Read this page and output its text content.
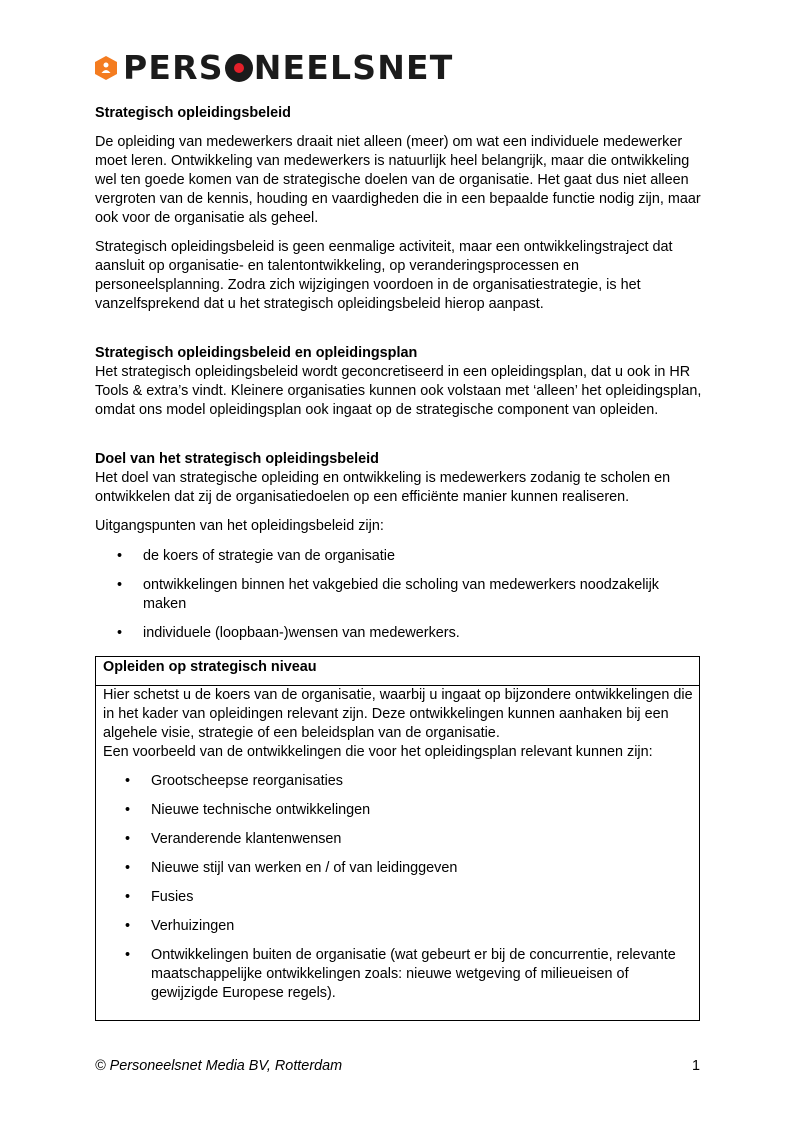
PERS NEELSNET
Strategisch opleidingsbeleid

De opleiding van medewerkers draait niet alleen (meer) om wat een individuele medewerker moet leren. Ontwikkeling van medewerkers is natuurlijk heel belangrijk, maar die ontwikkeling wel ten goede komen van de strategische doelen van de organisatie. Het gaat dus niet alleen vergroten van de kennis, houding en vaardigheden die in een bepaalde functie nodig zijn, maar ook voor de organisatie als geheel.

Strategisch opleidingsbeleid is geen eenmalige activiteit, maar een ontwikkelingstraject dat aansluit op organisatie- en talentontwikkeling, op veranderingsprocessen en personeelsplanning. Zodra zich wijzigingen voordoen in de organisatiestrategie, is het vanzelfsprekend dat u het strategisch opleidingsbeleid hierop aanpast.

Strategisch opleidingsbeleid en opleidingsplan

Het strategisch opleidingsbeleid wordt geconcretiseerd in een opleidingsplan, dat u ook in HR Tools & extra’s vindt. Kleinere organisaties kunnen ook volstaan met ‘alleen’ het opleidingsplan, omdat ons model opleidingsplan ook ingaat op de strategische component van opleiden.

Doel van het strategisch opleidingsbeleid

Het doel van strategische opleiding en ontwikkeling is medewerkers zodanig te scholen en ontwikkelen dat zij de organisatiedoelen op een efficiënte manier kunnen realiseren.

Uitgangspunten van het opleidingsbeleid zijn:

• de koers of strategie van de organisatie
• ontwikkelingen binnen het vakgebied die scholing van medewerkers noodzakelijk maken
• individuele (loopbaan-)wensen van medewerkers.
Opleiden op strategisch niveau

Hier schetst u de koers van de organisatie, waarbij u ingaat op bijzondere ontwikkelingen die in het kader van opleidingen relevant zijn. Deze ontwikkelingen kunnen aanhaken bij een algehele visie, strategie of een beleidsplan van de organisatie.

Een voorbeeld van de ontwikkelingen die voor het opleidingsplan relevant kunnen zijn:

• Grootscheepse reorganisaties
• Nieuwe technische ontwikkelingen
• Veranderende klantenwensen
• Nieuwe stijl van werken en / of van leidinggeven
• Fusies
• Verhuizingen
• Ontwikkelingen buiten de organisatie (wat gebeurt er bij de concurrentie, relevante maatschappelijke ontwikkelingen zoals: nieuwe wetgeving of milieueisen of gewijzigde Europese regels).
© Personeelsnet Media BV, Rotterdam	1
